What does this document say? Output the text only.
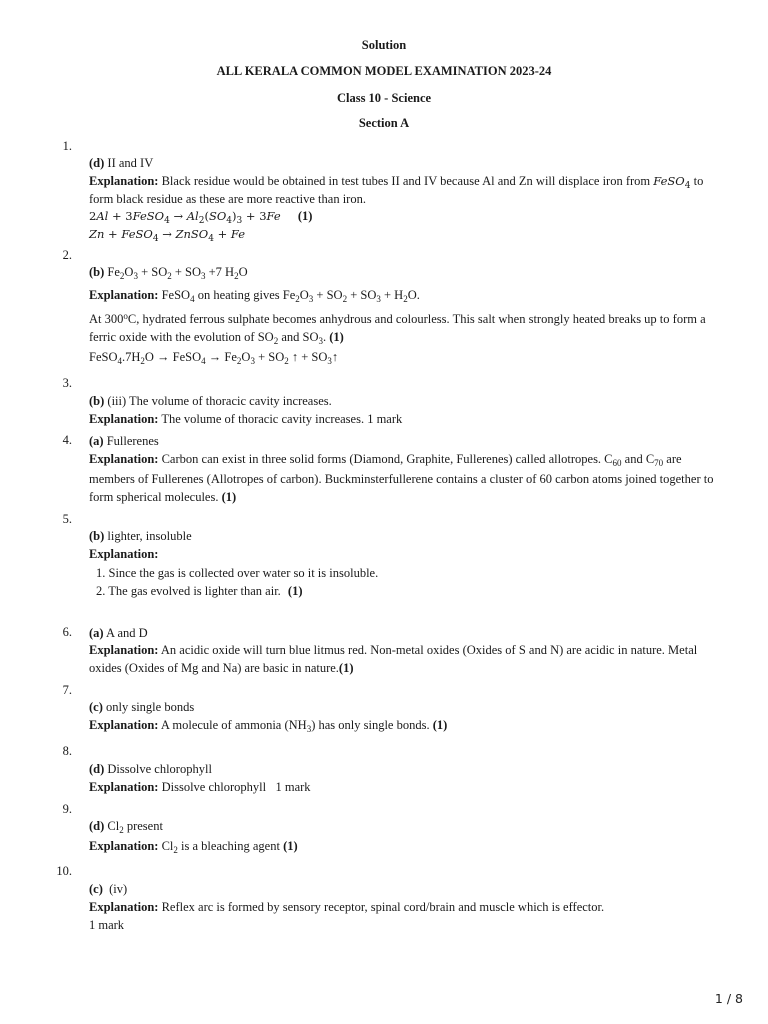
Solution
ALL KERALA COMMON MODEL EXAMINATION 2023-24
Class 10 - Science
Section A
1.
(d) II and IV
Explanation: Black residue would be obtained in test tubes II and IV because Al and Zn will displace iron from FeSO$_4$ to
form black residue as these are more reactive than iron.
2Al + 3FeSO$_4$ → $Al_2(SO_4)_3 + 3Fe$ (1)
Zn + FeSO$_4$ → ZnSO$_4$ + Fe
2.
(b) $Fe_2O_3 + SO_2 + SO_3 +7$ $H_2O$
Explanation: FeSO$_4$ on heating gives $Fe_2O_3 + SO_2 + SO_3 + H_2O$.
At 300$^o$C, hydrated ferrous sulphate becomes anhydrous and colourless. This salt when strongly heated breaks up to form a ferric oxide with the evolution of $SO_2$ and $SO_3$. (1)
$FeSO_4.7H_2O$ → FeSO$_4$ → $Fe_2O_3 + SO_2$ ↑ + $SO_3↑$
3.
(b) (iii) The volume of thoracic cavity increases.
Explanation: The volume of thoracic cavity increases. 1 mark
4. (a) Fullerenes
Explanation: Carbon can exist in three solid forms (Diamond, Graphite, Fullerenes) called allotropes. $C_{60}$ and $C_{70}$ are
members of Fullerenes (Allotropes of carbon). Buckminsterfullerene contains a cluster of 60 carbon atoms joined together to form spherical molecules. (1)
5.
(b) lighter, insoluble
Explanation:
1. Since the gas is collected over water so it is insoluble.
2. The gas evolved is lighter than air. (1)
6. (a) A and D
Explanation: An acidic oxide will turn blue litmus red. Non-metal oxides (Oxides of S and N) are acidic in nature. Metal oxides (Oxides of Mg and Na) are basic in nature.(1)
7.
(c) only single bonds
Explanation: A molecule of ammonia $(NH_3)$ has only single bonds. (1)
8.
(d) Dissolve chlorophyll
Explanation: Dissolve chlorophyll   1 mark
9.
(d) $Cl_2$ present
Explanation: $Cl_2$ is a bleaching agent (1)
10.
(c)  (iv)
Explanation: Reflex arc is formed by sensory receptor, spinal cord/brain and muscle which is effector.
1 mark
1 / 8
